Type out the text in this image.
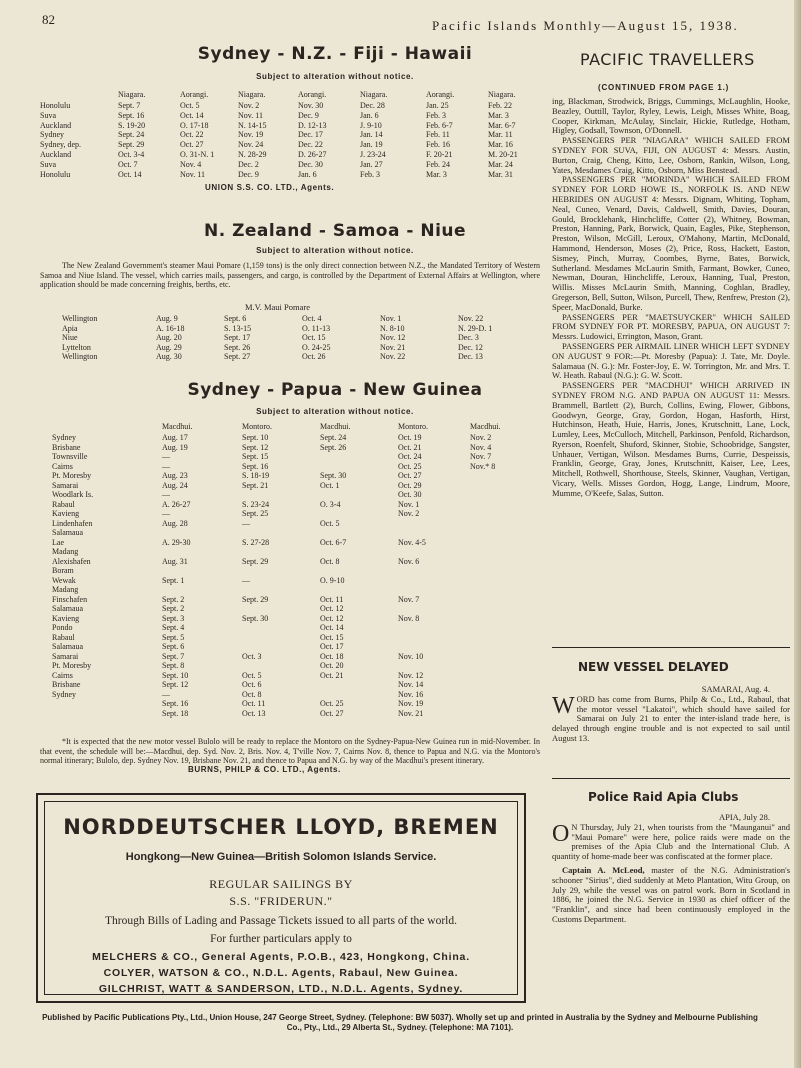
82	Pacific Islands Monthly—August 15, 1938.
Sydney - N.Z. - Fiji - Hawaii
Subject to alteration without notice.
Honolulu
Suva
Auckland
Sydney
Sydney, dep.
Auckland
Suva
Honolulu
Niagara.
Sept. 7
Sept. 16
S. 19-20
Sept. 24
Sept. 29
Oct. 3-4
Oct. 7
Oct. 14
Aorangi.
Oct. 5
Oct. 14
O. 17-18
Oct. 22
Oct. 27
O. 31-N. 1
Nov. 4
Nov. 11
Niagara.
Nov. 2
Nov. 11
N. 14-15
Nov. 19
Nov. 24
N. 28-29
Dec. 2
Dec. 9
Aorangi.
Nov. 30
Dec. 9
D. 12-13
Dec. 17
Dec. 22
D. 26-27
Dec. 30
Jan. 6
Niagara.
Dec. 28
Jan. 6
J. 9-10
Jan. 14
Jan. 19
J. 23-24
Jan. 27
Feb. 3
Aorangi.
Jan. 25
Feb. 3
Feb. 6-7
Feb. 11
Feb. 16
F. 20-21
Feb. 24
Mar. 3
Niagara.
Feb. 22
Mar. 3
Mar. 6-7
Mar. 11
Mar. 16
M. 20-21
Mar. 24
Mar. 31
UNION S.S. CO. LTD., Agents.
N. Zealand - Samoa - Niue
Subject to alteration without notice.
The New Zealand Government's steamer Maui Pomare (1,159 tons) is the only direct connection between N.Z., the Mandated Territory of Western Samoa and Niue Island. The vessel, which carries mails, passengers, and cargo, is controlled by the Department of External Affairs at Wellington, where application should be made concerning freights, berths, etc.
M.V. Maui Pomare
Wellington
Apia
Niue
Lyttelton
Wellington
Aug. 9
A. 16-18
Aug. 20
Aug. 29
Aug. 30
Sept. 6
S. 13-15
Sept. 17
Sept. 26
Sept. 27
Oct. 4
O. 11-13
Oct. 15
O. 24-25
Oct. 26
Nov. 1
N. 8-10
Nov. 12
Nov. 21
Nov. 22
Nov. 22
N. 29-D. 1
Dec. 3
Dec. 12
Dec. 13
Sydney - Papua - New Guinea
Subject to alteration without notice.
Sydney
Brisbane
Townsville
Cairns
Pt. Moresby
Samarai
Woodlark Is.
Rabaul
Kavieng
Lindenhafen
Salamaua
Lae
Madang
Alexishafen
Boram
Wewak
Madang
Finschafen
Salamaua
Kavieng
Pondo
Rabaul
Salamaua
Samarai
Pt. Moresby
Cairns
Brisbane
Sydney
Macdhui.
Aug. 17
Aug. 19
—
—
Aug. 23
Aug. 24
—
A. 26-27
—
Aug. 28
A. 29-30
Aug. 31
Sept. 1
Sept. 2
Sept. 2
Sept. 3
Sept. 4
Sept. 5
Sept. 6
Sept. 7
Sept. 8
Sept. 10
Sept. 12
—
Sept. 16
Sept. 18
Montoro.
Sept. 10
Sept. 12
Sept. 15
Sept. 16
S. 18-19
Sept. 21
S. 23-24
Sept. 25
—
S. 27-28
Sept. 29
—
Sept. 29
Sept. 30
Oct. 3
Oct. 5
Oct. 6
Oct. 8
Oct. 11
Oct. 13
Macdhui.
Sept. 24
Sept. 26
Sept. 30
Oct. 1
O. 3-4
Oct. 5
Oct. 6-7
Oct. 8
O. 9-10
Oct. 11
Oct. 12
Oct. 12
Oct. 14
Oct. 15
Oct. 17
Oct. 18
Oct. 20
Oct. 21
Oct. 25
Oct. 27
Montoro.
Oct. 19
Oct. 21
Oct. 24
Oct. 25
Oct. 27
Oct. 29
Oct. 30
Nov. 1
Nov. 2
Nov. 4-5
Nov. 6
Nov. 7
Nov. 8
Nov. 10
Nov. 12
Nov. 14
Nov. 16
Nov. 19
Nov. 21
Macdhui.
Nov. 2
Nov. 4
Nov. 7
Nov.* 8
*It is expected that the new motor vessel Bulolo will be ready to replace the Montoro on the Sydney-Papua-New Guinea run in mid-November. In that event, the schedule will be:—Macdhui, dep. Syd. Nov. 2, Bris. Nov. 4, T'ville Nov. 7, Cairns Nov. 8, thence to Papua and N.G. via the Montoro's normal itinerary; Bulolo, dep. Sydney Nov. 19, Brisbane Nov. 21, and thence to Papua and N.G. by way of the Macdhui's present itinerary.
BURNS, PHILP & CO. LTD., Agents.
NORDDEUTSCHER LLOYD, BREMEN
Hongkong—New Guinea—British Solomon Islands Service.
REGULAR SAILINGS BY
S.S. "FRIDERUN."
Through Bills of Lading and Passage Tickets issued to all parts of the world.
For further particulars apply to
MELCHERS & CO., General Agents, P.O.B., 423, Hongkong, China.
COLYER, WATSON & CO., N.D.L. Agents, Rabaul, New Guinea.
GILCHRIST, WATT & SANDERSON, LTD., N.D.L. Agents, Sydney.
PACIFIC TRAVELLERS
(CONTINUED FROM PAGE 1.)

ing, Blackman, Strodwick, Briggs, Cummings, McLaughlin, Hooke, Beazley, Outtill, Taylor, Ryley, Lewis, Leigh, Misses White, Boag, Cooper, Kirkman, McAulay, Sinclair, Hickie, Rutledge, Hotham, Higley, Godsall, Townson, O'Donnell.

PASSENGERS PER "NIAGARA" WHICH SAILED FROM SYDNEY FOR SUVA, FIJI, ON AUGUST 4: Messrs. Austin, Burton, Craig, Cheng, Kitto, Lee, Osborn, Rankin, Wilson, Long, Yates, Mesdames Craig, Kitto, Osborn, Miss Benstead.

PASSENGERS PER "MORINDA" WHICH SAILED FROM SYDNEY FOR LORD HOWE IS., NORFOLK IS. AND NEW HEBRIDES ON AUGUST 4: Messrs. Dignam, Whiting, Topham, Neal, Cuneo, Venard, Davis, Caldwell, Smith, Davies, Douran, Gould, Brocklehank, Hinchcliffe, Cotter (2), Whitney, Bowman, Preston, Hanning, Park, Borwick, Quain, Eagles, Pike, Stephenson, Preston, Wilson, McGill, Leroux, O'Mahony, Martin, McDonald, Hammond, Henderson, Moses (2), Price, Ross, Hackett, Easton, Sismey, Pinch, Murray, Coombes, Byrne, Bates, Borwick, Sutherland. Mesdames McLaurin Smith, Farmant, Bowker, Cuneo, Newman, Douran, Hinchcliffe, Leroux, Hanning, Tual, Preston, Willis. Misses McLaurin Smith, Manning, Coghlan, Bradley, Gregerson, Bell, Sutton, Wilson, Purcell, Thew, Renfrew, Preston (2), Speer, MacDonald, Burke.

PASSENGERS PER "MAETSUYCKER" WHICH SAILED FROM SYDNEY FOR PT. MORESBY, PAPUA, ON AUGUST 7: Messrs. Ludowici, Errington, Mason, Grant.

PASSENGERS PER AIRMAIL LINER WHICH LEFT SYDNEY ON AUGUST 9 FOR:—Pt. Moresby (Papua): J. Tate, Mr. Doyle. Salamaua (N. G.): Mr. Foster-Joy, E. W. Torrington, Mr. and Mrs. T. W. Heath. Rabaul (N.G.): G. W. Scott.

PASSENGERS PER "MACDHUI" WHICH ARRIVED IN SYDNEY FROM N.G. AND PAPUA ON AUGUST 11: Messrs. Brammell, Bartlett (2), Burch, Collins, Ewing, Flower, Gibbons, Goodwyn, George, Gray, Gordon, Hogan, Hasforth, Hirst, Hutchinson, Heath, Huie, Harris, Jones, Krutschnitt, Lane, Lock, Lumley, Lees, McCulloch, Mitchell, Parkinson, Penfold, Richardson, Ryerson, Roenfelt, Shuford, Skinner, Stobie, Schoobridge, Sangster, Unhauer, Vertigan, Wilson. Mesdames Burns, Currie, Despeissis, Franklin, George, Gray, Jones, Krutschnitt, Kaiser, Lee, Lees, Mitchell, Rothwell, Shorthouse, Steels, Skinner, Vaughan, Vertigan, Vicary, Wells. Misses Gordon, Hogg, Lange, Lindrum, Moore, Mumme, O'Keefe, Salas, Sutton.

NEW VESSEL DELAYED
SAMARAI, Aug. 4.
WORD has come from Burns, Philp & Co., Ltd., Rabaul, that the motor vessel "Lakatoi", which should have sailed for Samarai on July 21 to enter the inter-island trade here, is delayed through engine trouble and is not expected to sail until August 13.
Police Raid Apia Clubs
APIA, July 28.
O N Thursday, July 21, when tourists from the "Maunganui" and "Maui Pomare" were here, police raids were made on the premises of the Apia Club and the International Club. A quantity of home-made beer was confiscated at the former place.

Captain A. McLeod, master of the N.G. Administration's schooner "Sirius", died suddenly at Meto Plantation, Witu Group, on July 29, while the vessel was on patrol work. Born in Scotland in 1886, he joined the N.G. Service in 1930 as chief officer of the "Franklin", and since had been continuously employed in the Customs Department.

Published by Pacific Publications Pty., Ltd., Union House, 247 George Street, Sydney. (Telephone: BW 5037). Wholly set up and printed in Australia by the Sydney and Melbourne Publishing Co., Pty., Ltd., 29 Alberta St., Sydney. (Telephone: MA 7101).
